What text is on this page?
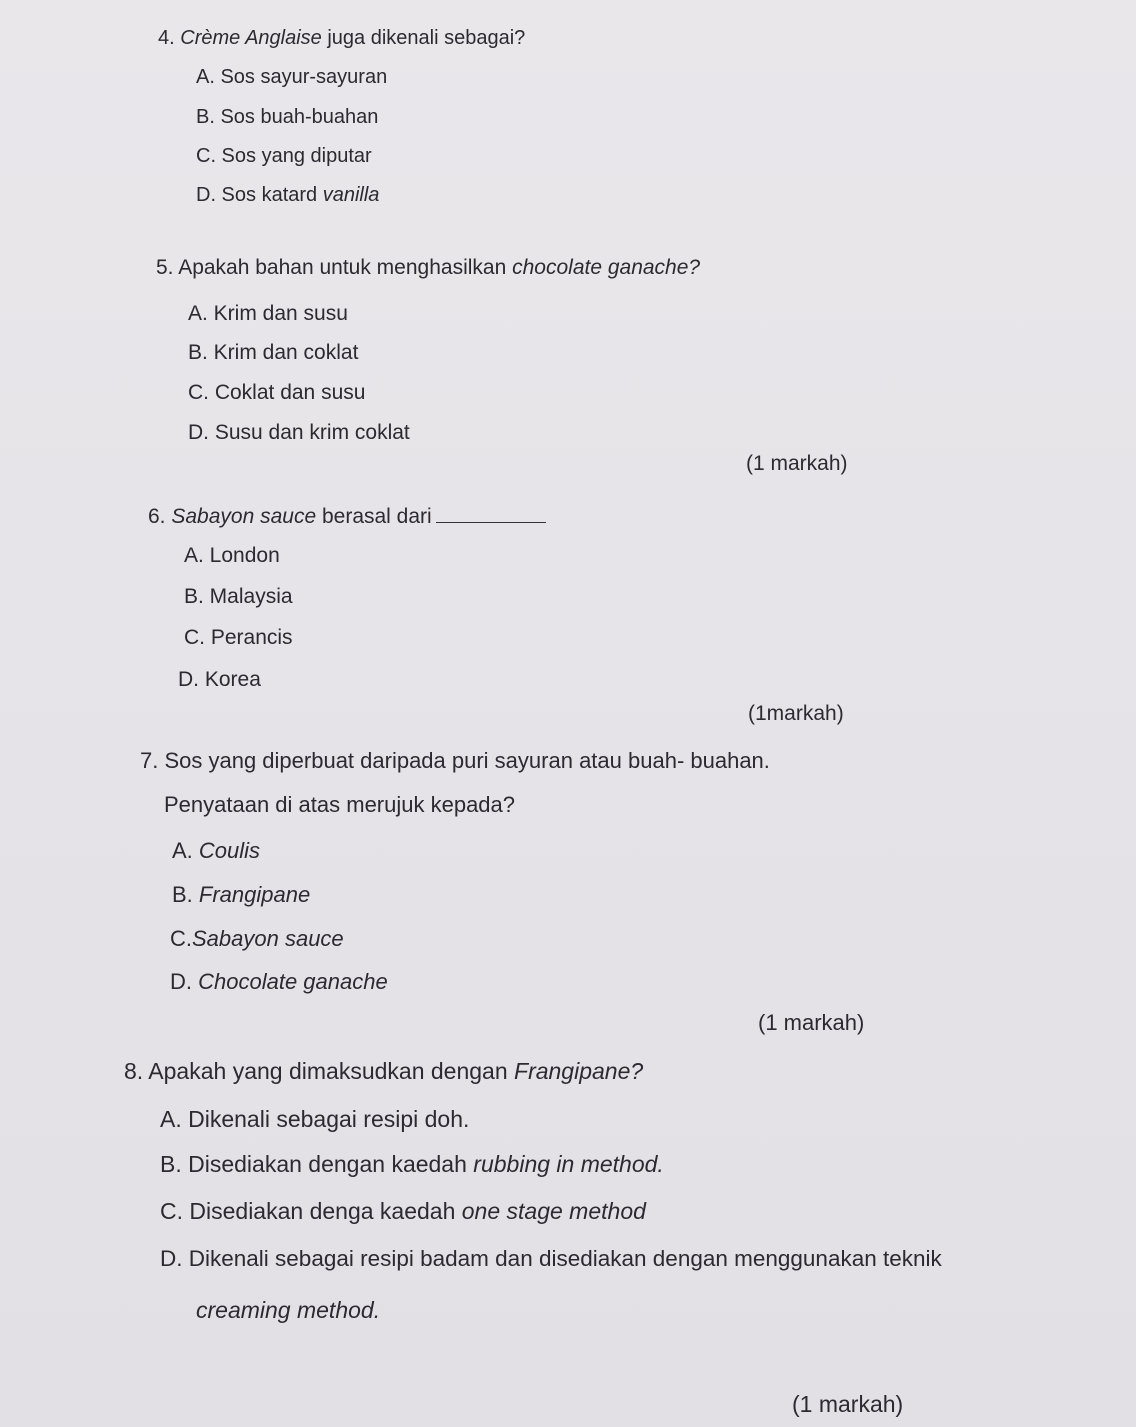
4. Crème Anglaise juga dikenali sebagai?
A. Sos sayur-sayuran
B. Sos buah-buahan
C. Sos yang diputar
D. Sos katard vanilla
5. Apakah bahan untuk menghasilkan chocolate ganache?
A. Krim dan susu
B. Krim dan coklat
C. Coklat dan susu
D. Susu dan krim coklat
(1 markah)
6. Sabayon sauce berasal dari
A. London
B. Malaysia
C. Perancis
D. Korea
(1markah)
7. Sos yang diperbuat daripada puri sayuran atau buah- buahan.
Penyataan di atas merujuk kepada?
A. Coulis
B. Frangipane
C.Sabayon sauce
D. Chocolate ganache
(1 markah)
8. Apakah yang dimaksudkan dengan Frangipane?
A. Dikenali sebagai resipi doh.
B. Disediakan dengan kaedah rubbing in method.
C. Disediakan denga kaedah one stage method
D. Dikenali sebagai resipi badam dan disediakan dengan menggunakan teknik
creaming method.
(1 markah)
